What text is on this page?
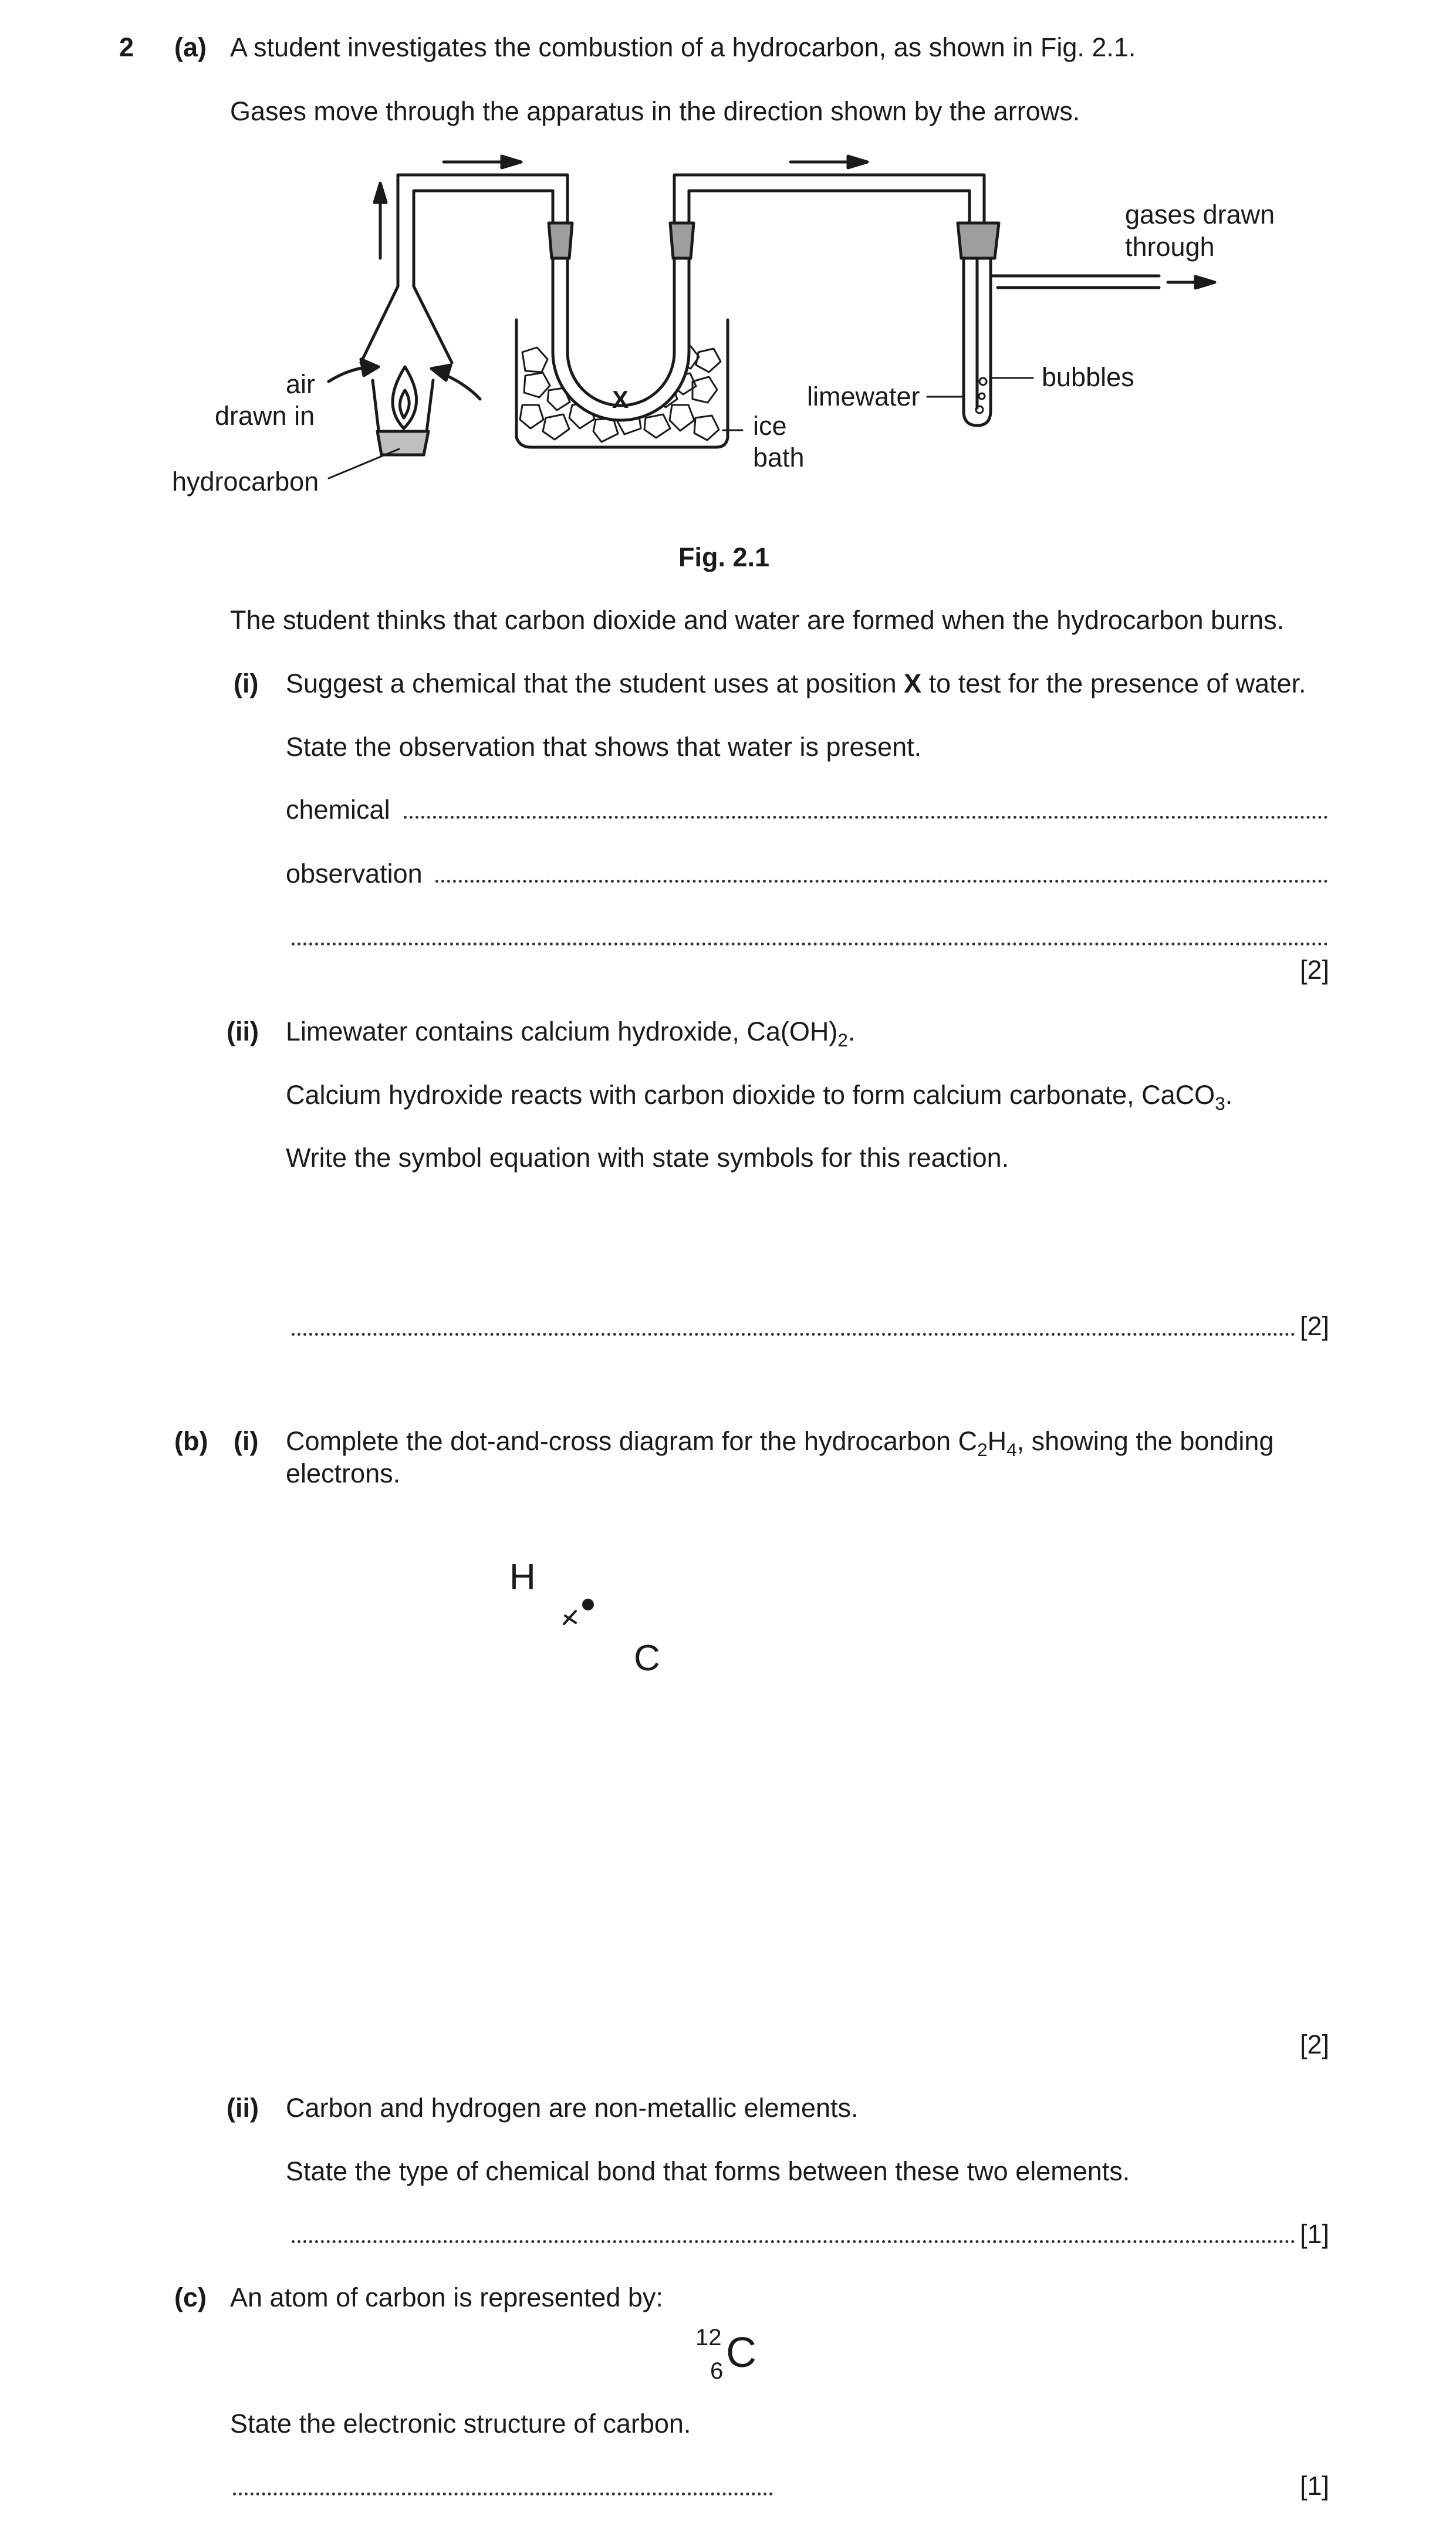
2 (a) A student investigates the combustion of a hydrocarbon, as shown in Fig. 2.1.
Gases move through the apparatus in the direction shown by the arrows.
air
drawn in
hydrocarbon
X
ice
bath
limewater
bubbles
gases drawn
through
Fig. 2.1
The student thinks that carbon dioxide and water are formed when the hydrocarbon burns.
(i) Suggest a chemical that the student uses at position X to test for the presence of water.
State the observation that shows that water is present.
chemical
observation
[2]
(ii) Limewater contains calcium hydroxide, $Ca(OH)_2$.
Calcium hydroxide reacts with carbon dioxide to form calcium carbonate, CaCO$_3$.
Write the symbol equation with state symbols for this reaction.
[2]
(b) (i) Complete the dot-and-cross diagram for the hydrocarbon $C_2H_4$, showing the bonding
electrons.
H
C
[2]
(ii) Carbon and hydrogen are non-metallic elements.
State the type of chemical bond that forms between these two elements.
[1]
(c) An atom of carbon is represented by:
12
6 C
State the electronic structure of carbon.
[1]
